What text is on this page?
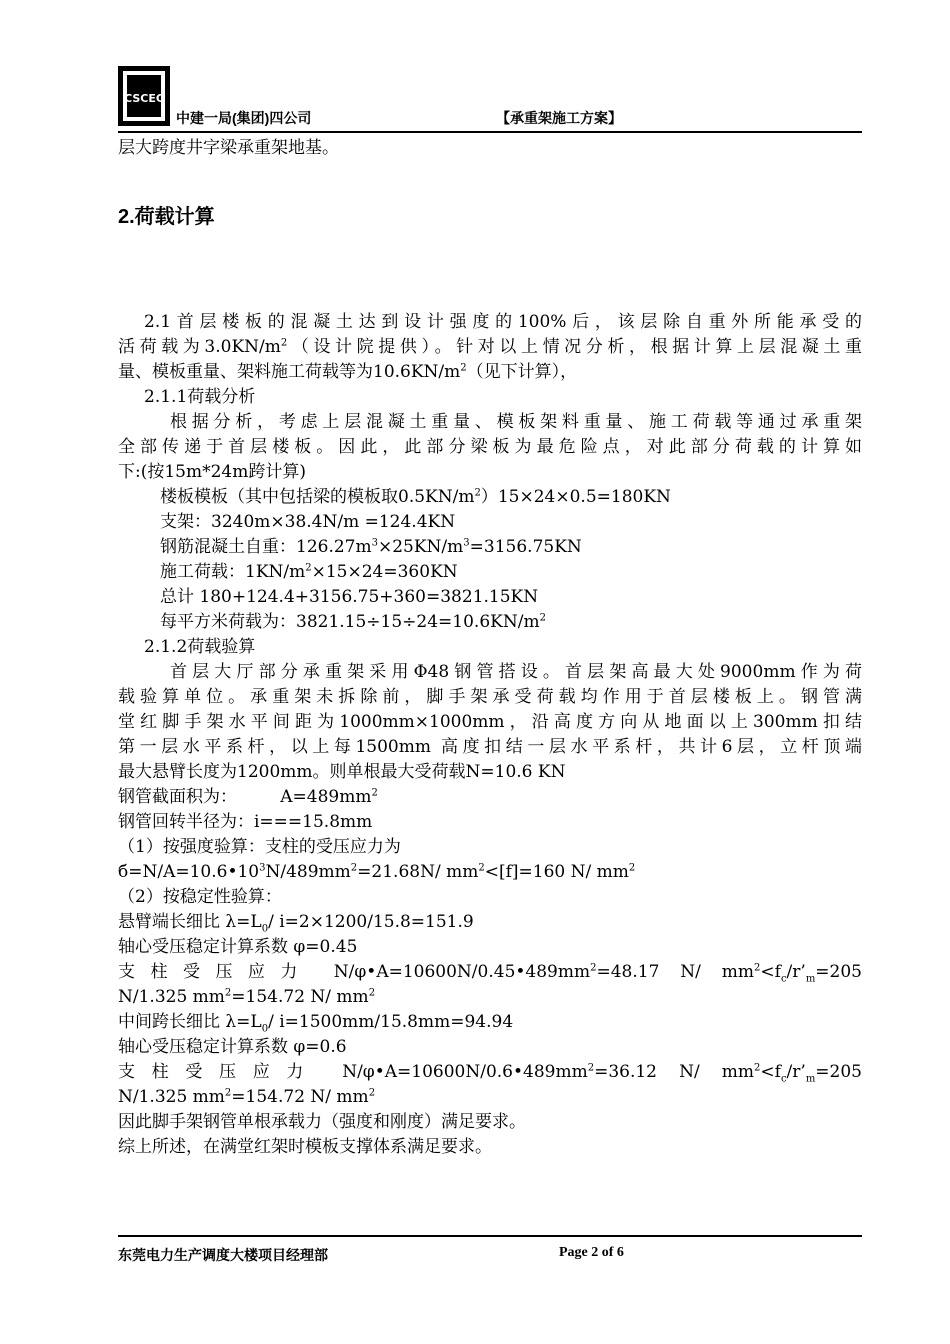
CSCEC
中建一局(集团)四公司	【承重架施工方案】

层大跨度井字梁承重架地基。

2.荷载计算

2.1首层楼板的混凝土达到设计强度的100%后，该层除自重外所能承受的

活荷载为$3.0KN/m^2$（设计院提供）。针对以上情况分析，根据计算上层混凝土重

量、模板重量、架料施工荷载等为$10.6KN/m^2$（见下计算），

2.1.1荷载分析

根据分析，考虑上层混凝土重量、模板架料重量、施工荷载等通过承重架

全部传递于首层楼板。因此，此部分梁板为最危险点，对此部分荷载的计算如

下:(按15m*24m跨计算)

楼板模板（其中包括梁的模板取$0.5KN/m^2)15\times 24\times 0.5=180KN$

支架：3240m×38.4N/m =124.4KN

钢筋混凝土自重：$126.27m^3\times 25KN/m^3=3156.75KN$

施工荷载：$1KN/m^2\times 15\times 24=360KN$

总计 180+124.4+3156.75+360=3821.15KN

每平方米荷载为：$3821.15\div 15\div 24=10.6KN/m^2$

2.1.2荷载验算

首层大厅部分承重架采用Φ48钢管搭设。首层架高最大处9000mm作为荷

载验算单位。承重架未拆除前，脚手架承受荷载均作用于首层楼板上。钢管满

堂红脚手架水平间距为1000mm×1000mm，沿高度方向从地面以上300mm扣结

第一层水平系杆，以上每1500mm 高度扣结一层水平系杆，共计6层，立杆顶端

最大悬臂长度为1200mm。则单根最大受荷载N=10.6 KN

钢管截面积为：        $A=489mm^2$

钢管回转半径为：i===15.8mm

（1）按强度验算：支柱的受压应力为

$б=N/A=10.6•10^3N/489mm^2=21.68N/$ $mm^2<[f]=160$ N/ $mm^2$

（2）按稳定性验算：

悬臂端长细比 $\lambda=L_0/$ i=2×1200/15.8=151.9

轴心受压稳定计算系数 φ=0.45

支柱受压应力 $N/\varphi•A=10600N/0.45•489mm^2=48.17$ N/ $mm^2<f_c/r’_m=205$

N/1.325 $mm^2=154.72$ N/ $mm^2$

中间跨长细比 $\lambda=L_0/$ i=1500mm/15.8mm=94.94

轴心受压稳定计算系数 φ=0.6

支柱受压应力 $N/\varphi•A=10600N/0.6•489mm^2=36.12$ N/ $mm^2<f_c/r’_m=205$

N/1.325 $mm^2=154.72$ N/ $mm^2$

因此脚手架钢管单根承载力（强度和刚度）满足要求。

综上所述，在满堂红架时模板支撑体系满足要求。

东莞电力生产调度大楼项目经理部	Page 2 of 6
